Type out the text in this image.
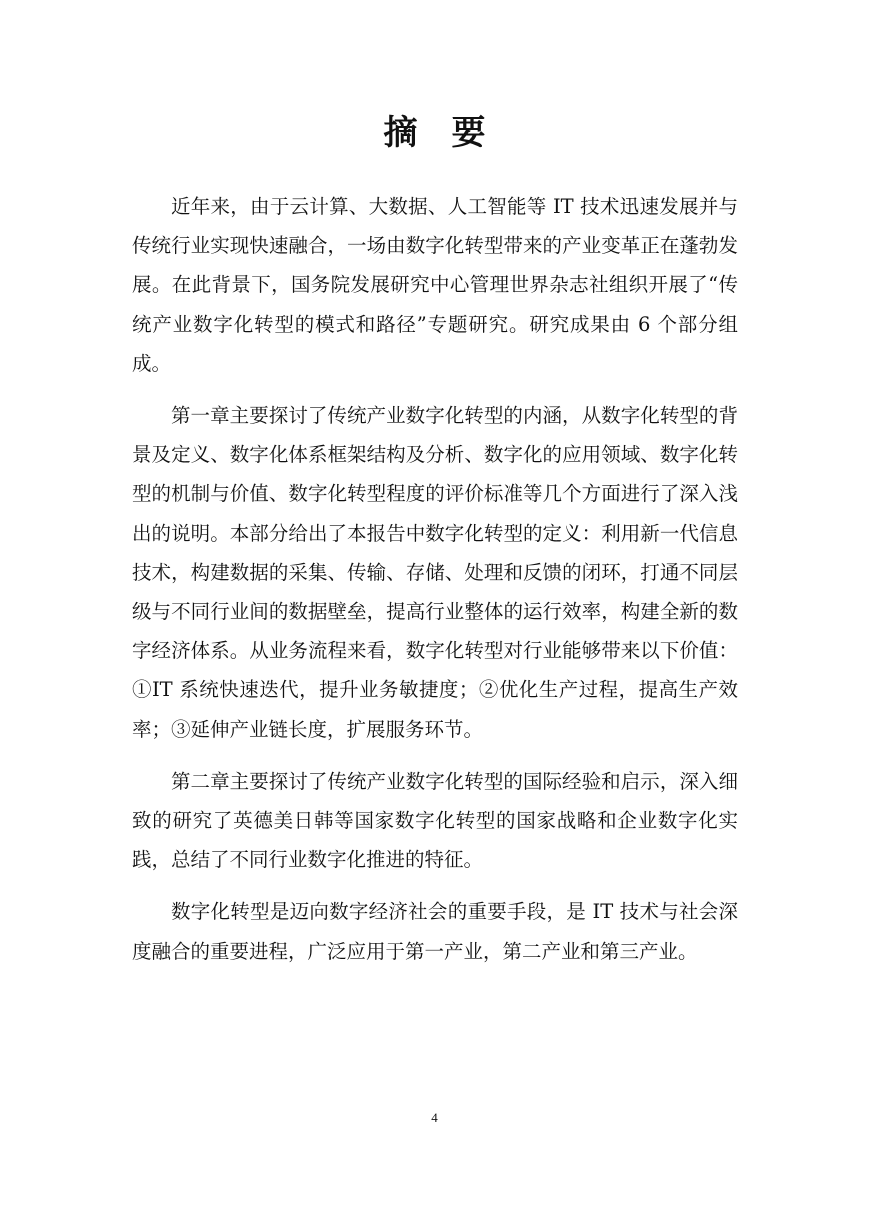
摘 要

近年来，由于云计算、大数据、人工智能等 IT 技术迅速发展并与传统行业实现快速融合，一场由数字化转型带来的产业变革正在蓬勃发展。在此背景下，国务院发展研究中心管理世界杂志社组织开展了“传统产业数字化转型的模式和路径”专题研究。研究成果由 6 个部分组成。

第一章主要探讨了传统产业数字化转型的内涵，从数字化转型的背景及定义、数字化体系框架结构及分析、数字化的应用领域、数字化转型的机制与价值、数字化转型程度的评价标准等几个方面进行了深入浅出的说明。本部分给出了本报告中数字化转型的定义：利用新一代信息技术，构建数据的采集、传输、存储、处理和反馈的闭环，打通不同层级与不同行业间的数据壁垒，提高行业整体的运行效率，构建全新的数字经济体系。从业务流程来看，数字化转型对行业能够带来以下价值：①IT 系统快速迭代，提升业务敏捷度；②优化生产过程，提高生产效率；③延伸产业链长度，扩展服务环节。

第二章主要探讨了传统产业数字化转型的国际经验和启示，深入细致的研究了英德美日韩等国家数字化转型的国家战略和企业数字化实践，总结了不同行业数字化推进的特征。

数字化转型是迈向数字经济社会的重要手段，是 IT 技术与社会深度融合的重要进程，广泛应用于第一产业，第二产业和第三产业。

4
